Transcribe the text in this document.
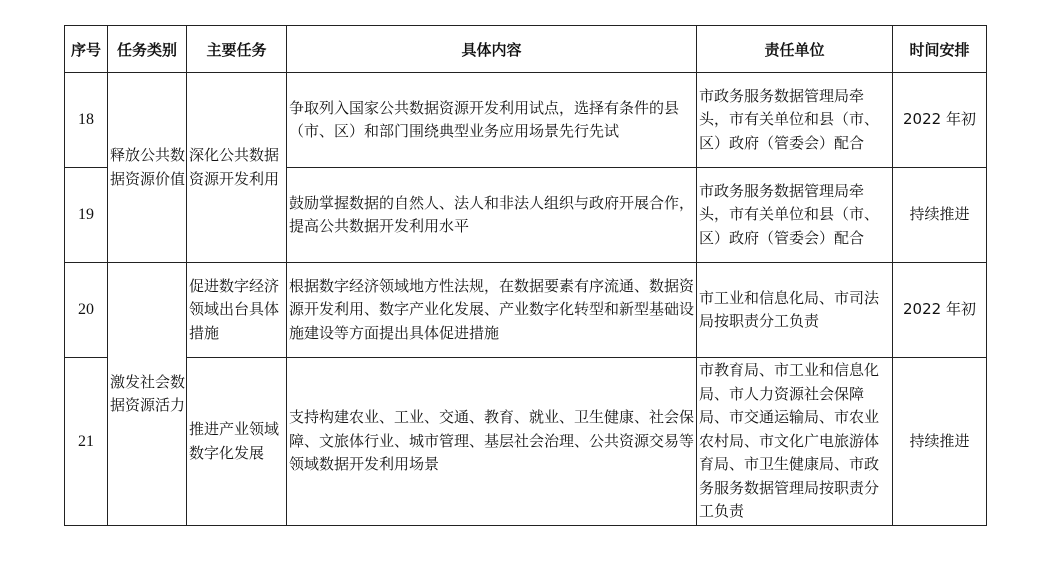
序号	任务类别	主要任务	具体内容	责任单位	时间安排
18	释放公共数据资源价值	深化公共数据资源开发利用	争取列入国家公共数据资源开发利用试点，选择有条件的县（市、区）和部门围绕典型业务应用场景先行先试	市政务服务数据管理局牵头，市有关单位和县（市、区）政府（管委会）配合	2022 年初
19			鼓励掌握数据的自然人、法人和非法人组织与政府开展合作，提高公共数据开发利用水平	市政务服务数据管理局牵头，市有关单位和县（市、区）政府（管委会）配合	持续推进
20	激发社会数据资源活力	促进数字经济领域出台具体措施	根据数字经济领域地方性法规，在数据要素有序流通、数据资源开发利用、数字产业化发展、产业数字化转型和新型基础设施建设等方面提出具体促进措施	市工业和信息化局、市司法局按职责分工负责	2022 年初
21		推进产业领域数字化发展	支持构建农业、工业、交通、教育、就业、卫生健康、社会保障、文旅体行业、城市管理、基层社会治理、公共资源交易等领域数据开发利用场景	市教育局、市工业和信息化局、市人力资源社会保障局、市交通运输局、市农业农村局、市文化广电旅游体育局、市卫生健康局、市政务服务数据管理局按职责分工负责	持续推进
